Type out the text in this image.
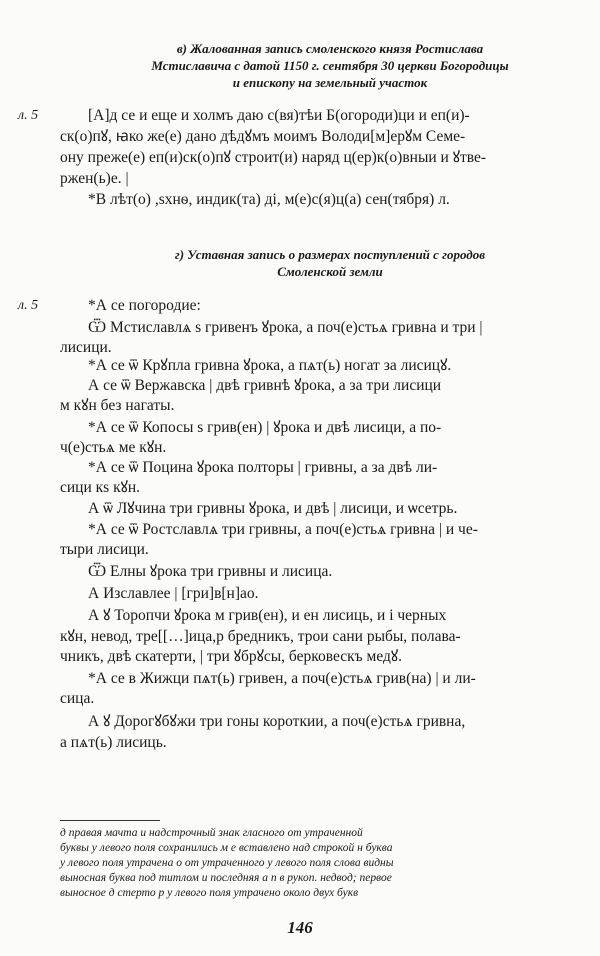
в) Жалованная запись смоленского князя Ростислава
Мстиславича с датой 1150 г. сентября 30 церкви Богородицы
и епископу на земельный участок
л. 5	[А]д се и еще и холмъ даю с(вя)тѣи Б(огороди)ци и еп(и)-
ск(о)пꙋ, ꙗко же(е) дано дѣдꙋмъ моимъ Володи[м]ерꙋм Семе-
ону преже(е) еп(и)ск(о)пꙋ строит(и) наряд ц(ер)к(о)вныи и ꙋтве-
ржен(ь)е. |
*В лѣт(о) ,sхнѳ, индик(та) ді, м(е)с(я)ц(а) сен(тября) л.
г) Уставная запись о размерах поступлений с городов
Смоленской земли
л. 5	*А се погородие:
Ѿ Мстиславлѧ s гривенъ ꙋрока, а поч(е)стьѧ гривна и три |
лисици.
*А се ѿ Крꙋпла гривна ꙋрока, а пѧт(ь) ногат за лисицꙋ.
А се ѿ Вержавска | двѣ гривнѣ ꙋрока, а за три лисици
м кꙋн без нагаты.
*А се ѿ Копосы s грив(ен) | ꙋрока и двѣ лисици, а по-
ч(е)стьѧ ме кꙋн.
*А се ѿ Поцина ꙋрока полторы | гривны, а за двѣ ли-
сици кѕ кꙋн.
А ѿ Лꙋчина три гривны ꙋрока, и двѣ | лисици, и ѡсетрь.
*А се ѿ Ростславлѧ три гривны, а поч(е)стьѧ гривна | и че-
тыри лисици.
Ѿ Елны ꙋрока три гривны и лисица.
А Изславлее | [гри]в[н]ао.
А ꙋ Торопчи ꙋрока м грив(ен), и ен лисиць, и і черных
кꙋн, невод, тре[[…]ица,р бредникъ, трои сани рыбы, полава-
чникъ, двѣ скатерти, | три ꙋбрꙋсы, берковескъ медꙋ.
*А се в Жижци пѧт(ь) гривен, а поч(е)стьѧ грив(на) | и ли-
сица.
А ꙋ Дорогꙋбꙋжи три гоны короткии, а поч(е)стьѧ гривна,
а пѧт(ь) лисиць.
д правая мачта и надстрочный знак гласного от утраченной
буквы у левого поля сохранились м е вставлено над строкой н буква
у левого поля утрачена о от утраченного у левого поля слова видны
выносная буква под титлом и последняя а п в рукоп. недвод; первое
выносное д стерто р у левого поля утрачено около двух букв
146
